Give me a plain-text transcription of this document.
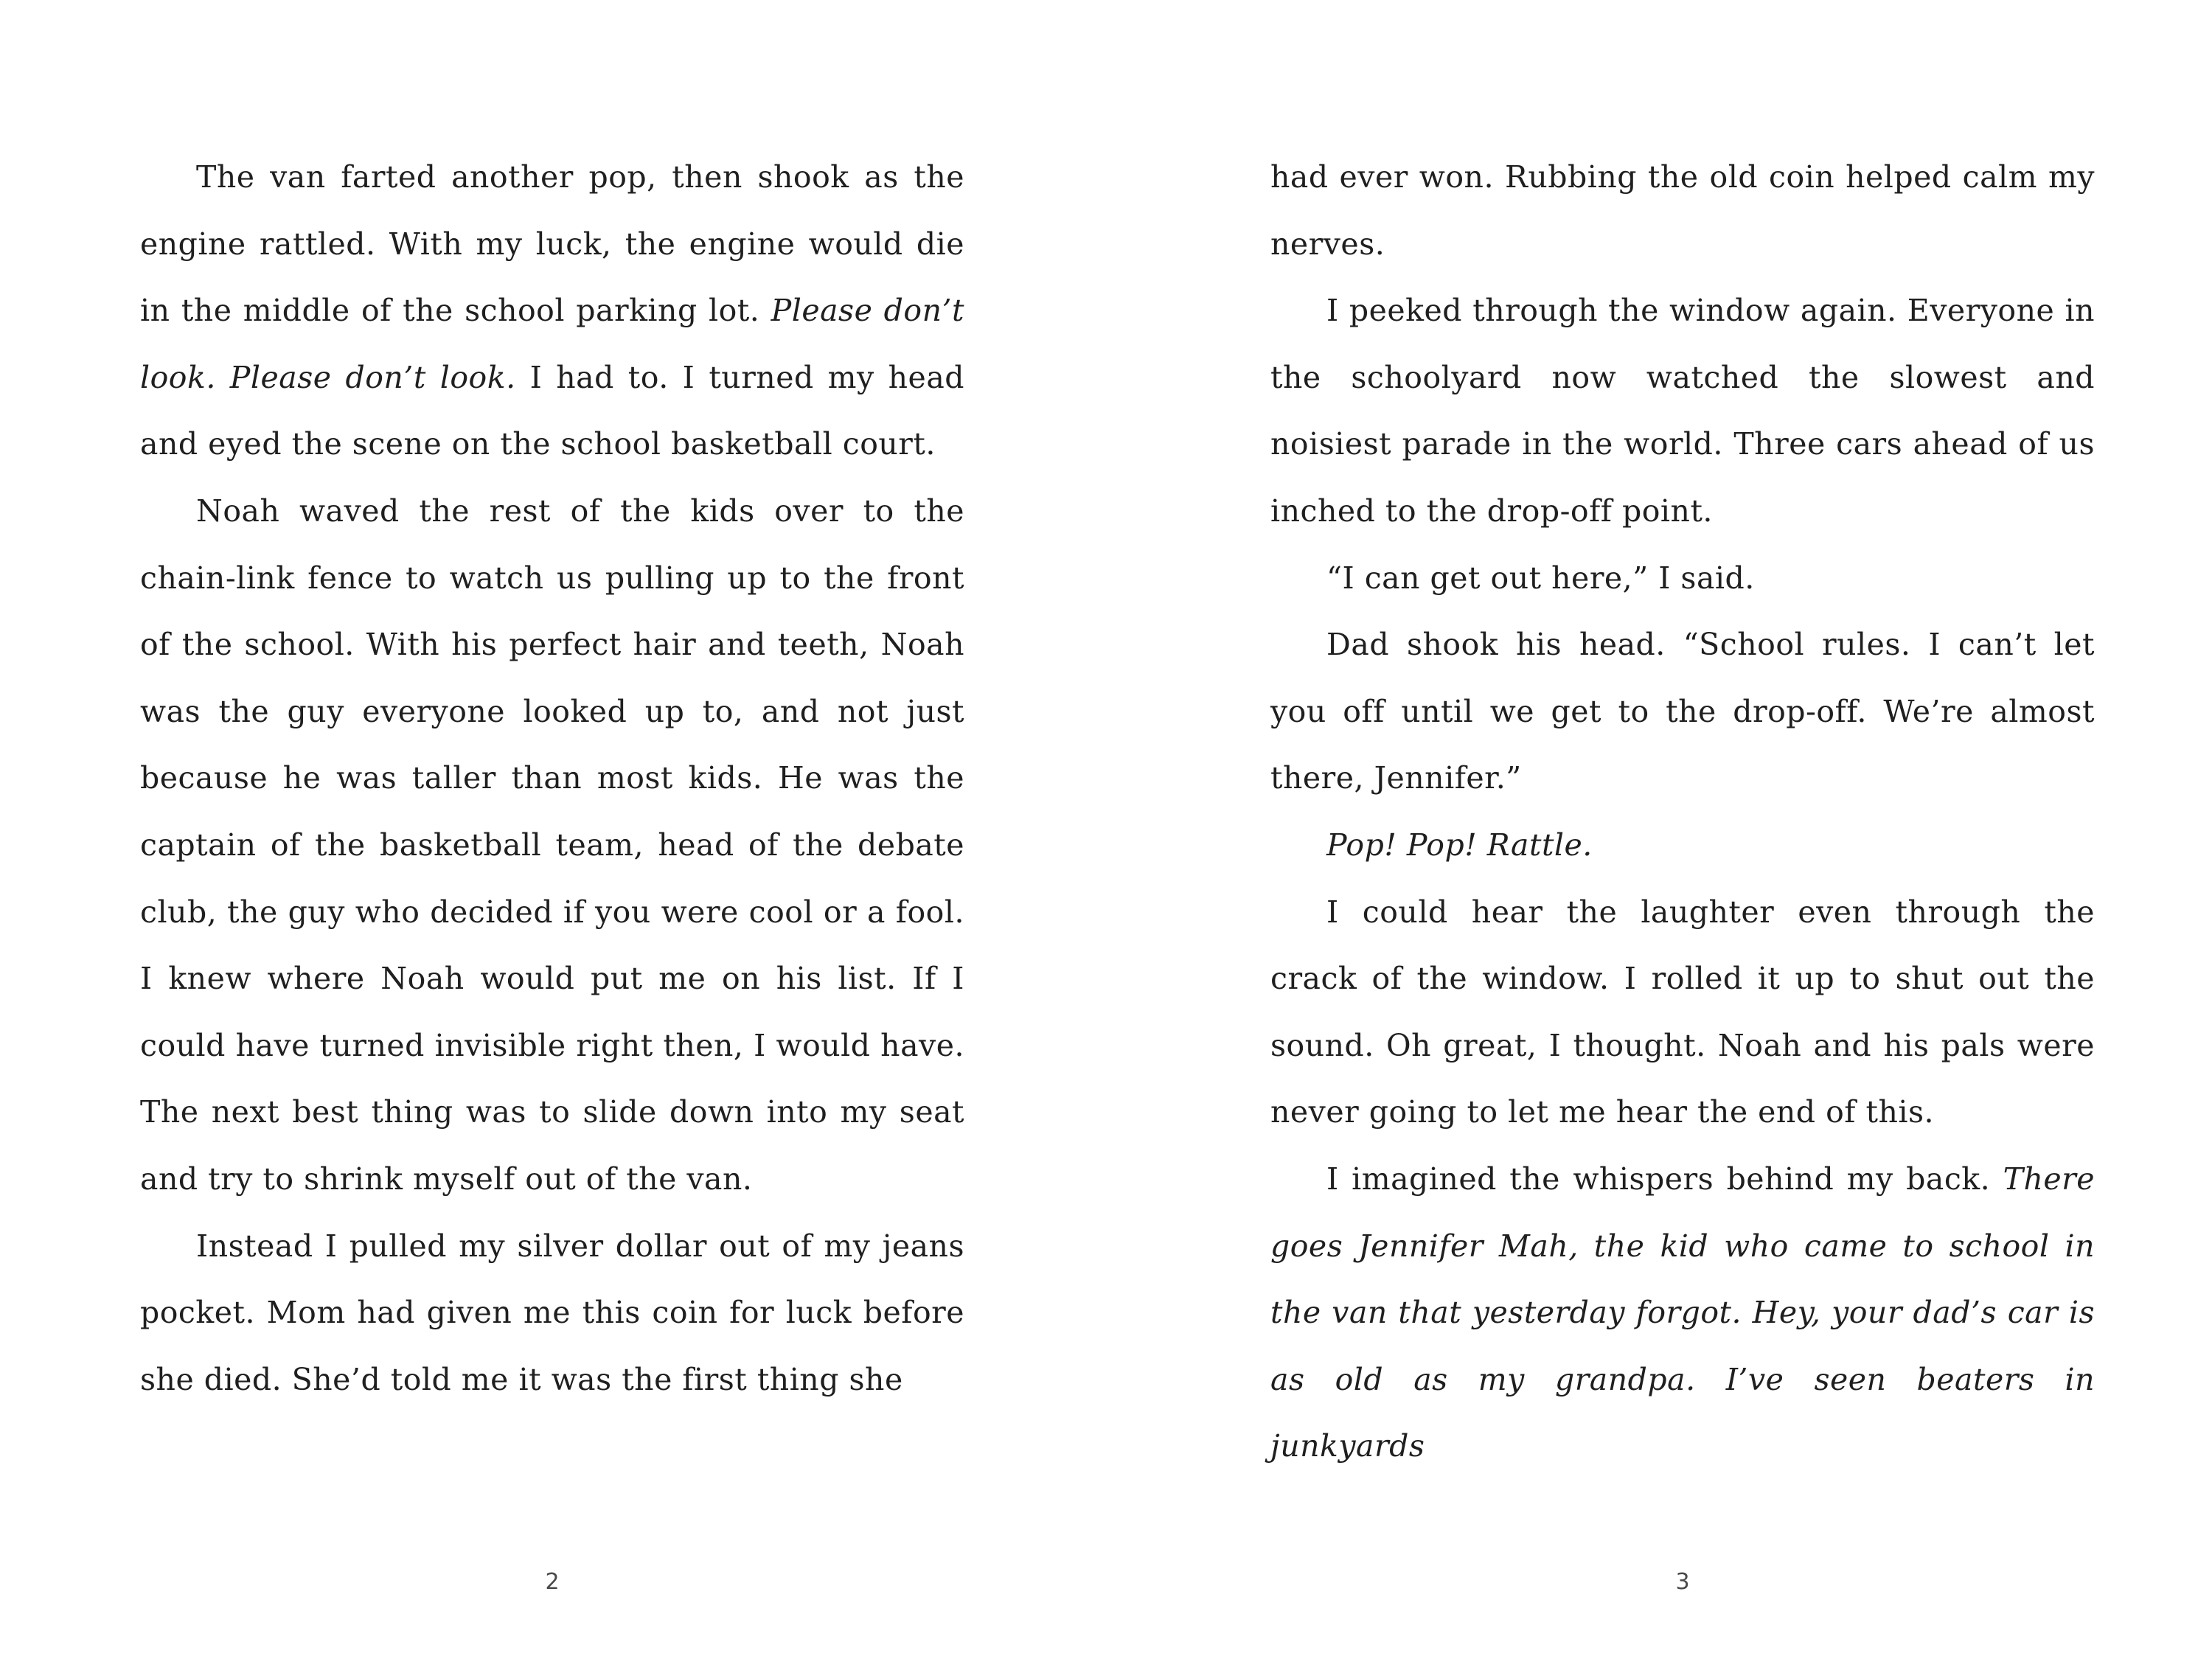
The van farted another pop, then shook as the engine rattled. With my luck, the engine would die in the middle of the school parking lot. Please don’t look. Please don’t look. I had to. I turned my head and eyed the scene on the school basketball court.

Noah waved the rest of the kids over to the chain-link fence to watch us pulling up to the front of the school. With his perfect hair and teeth, Noah was the guy everyone looked up to, and not just because he was taller than most kids. He was the captain of the basketball team, head of the debate club, the guy who decided if you were cool or a fool. I knew where Noah would put me on his list. If I could have turned invisible right then, I would have. The next best thing was to slide down into my seat and try to shrink myself out of the van.

Instead I pulled my silver dollar out of my jeans pocket. Mom had given me this coin for luck before she died. She’d told me it was the first thing she

had ever won. Rubbing the old coin helped calm my nerves.

I peeked through the window again. Everyone in the schoolyard now watched the slowest and noisiest parade in the world. Three cars ahead of us inched to the drop-off point.

“I can get out here,” I said.

Dad shook his head. “School rules. I can’t let you off until we get to the drop-off. We’re almost there, Jennifer.”

Pop! Pop! Rattle.

I could hear the laughter even through the crack of the window. I rolled it up to shut out the sound. Oh great, I thought. Noah and his pals were never going to let me hear the end of this.

I imagined the whispers behind my back. There goes Jennifer Mah, the kid who came to school in the van that yesterday forgot. Hey, your dad’s car is as old as my grandpa. I’ve seen beaters in junkyards

2	3
